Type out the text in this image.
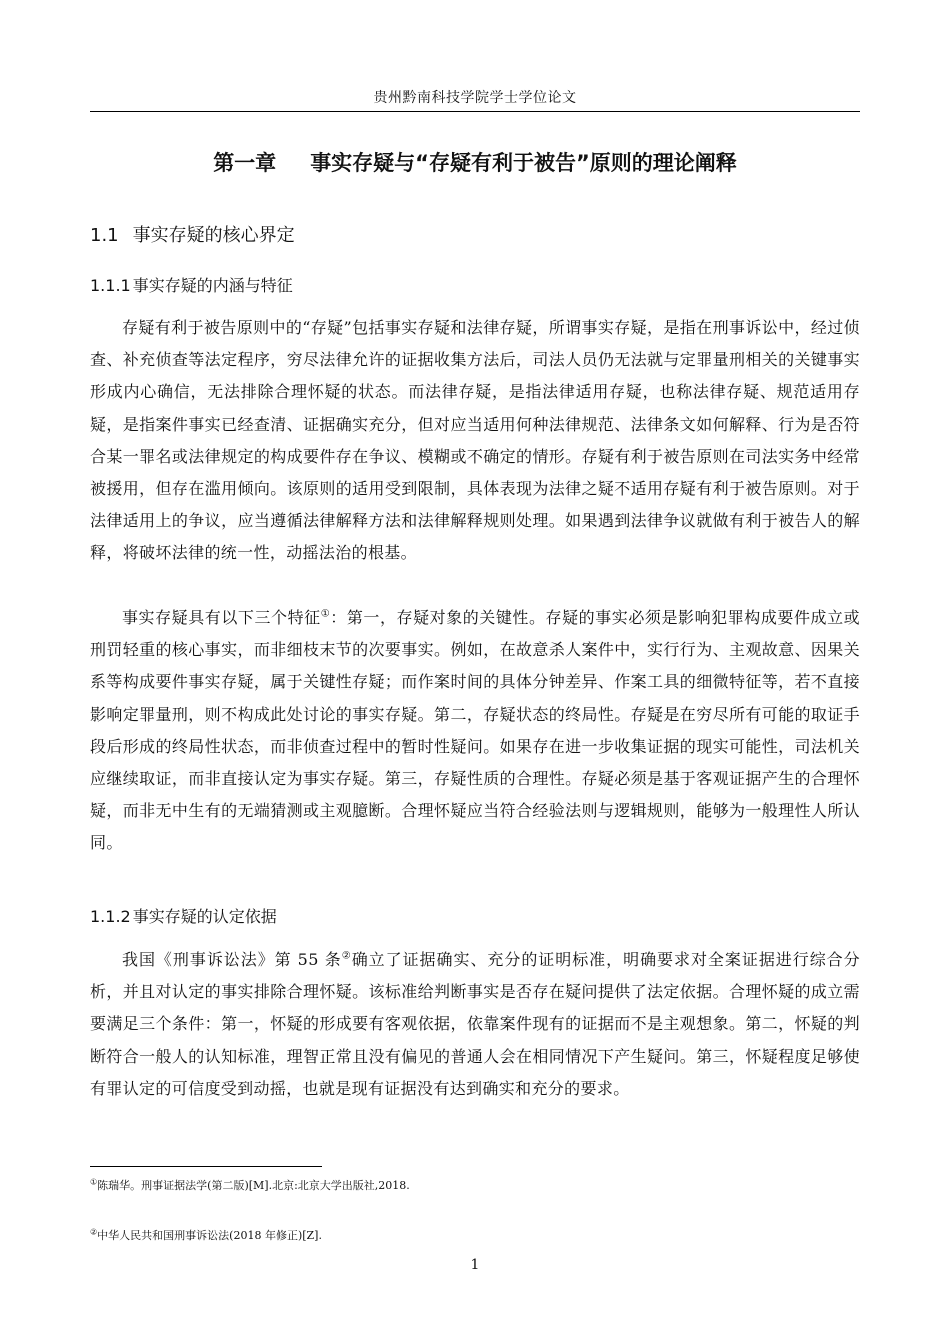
贵州黔南科技学院学士学位论文
第一章 事实存疑与“存疑有利于被告”原则的理论阐释
1.1 事实存疑的核心界定
1.1.1 事实存疑的内涵与特征

存疑有利于被告原则中的“存疑”包括事实存疑和法律存疑，所谓事实存疑，是指在刑事诉讼中，经过侦查、补充侦查等法定程序，穷尽法律允许的证据收集方法后，司法人员仍无法就与定罪量刑相关的关键事实形成内心确信，无法排除合理怀疑的状态。而法律存疑，是指法律适用存疑，也称法律存疑、规范适用存疑，是指案件事实已经查清、证据确实充分，但对应当适用何种法律规范、法律条文如何解释、行为是否符合某一罪名或法律规定的构成要件存在争议、模糊或不确定的情形。存疑有利于被告原则在司法实务中经常被援用，但存在滥用倾向。该原则的适用受到限制，具体表现为法律之疑不适用存疑有利于被告原则。对于法律适用上的争议，应当遵循法律解释方法和法律解释规则处理。如果遇到法律争议就做有利于被告人的解释，将破坏法律的统一性，动摇法治的根基。

事实存疑具有以下三个特征①：第一，存疑对象的关键性。存疑的事实必须是影响犯罪构成要件成立或刑罚轻重的核心事实，而非细枝末节的次要事实。例如，在故意杀人案件中，实行行为、主观故意、因果关系等构成要件事实存疑，属于关键性存疑；而作案时间的具体分钟差异、作案工具的细微特征等，若不直接影响定罪量刑，则不构成此处讨论的事实存疑。第二，存疑状态的终局性。存疑是在穷尽所有可能的取证手段后形成的终局性状态，而非侦查过程中的暂时性疑问。如果存在进一步收集证据的现实可能性，司法机关应继续取证，而非直接认定为事实存疑。第三，存疑性质的合理性。存疑必须是基于客观证据产生的合理怀疑，而非无中生有的无端猜测或主观臆断。合理怀疑应当符合经验法则与逻辑规则，能够为一般理性人所认同。

1.1.2 事实存疑的认定依据

我国《刑事诉讼法》第 55 条②确立了证据确实、充分的证明标准，明确要求对全案证据进行综合分析，并且对认定的事实排除合理怀疑。该标准给判断事实是否存在疑问提供了法定依据。合理怀疑的成立需要满足三个条件：第一，怀疑的形成要有客观依据，依靠案件现有的证据而不是主观想象。第二，怀疑的判断符合一般人的认知标准，理智正常且没有偏见的普通人会在相同情况下产生疑问。第三，怀疑程度足够使有罪认定的可信度受到动摇，也就是现有证据没有达到确实和充分的要求。

①陈瑞华。刑事证据法学(第二版)[M].北京:北京大学出版社,2018.
②中华人民共和国刑事诉讼法(2018 年修正)[Z].
1
